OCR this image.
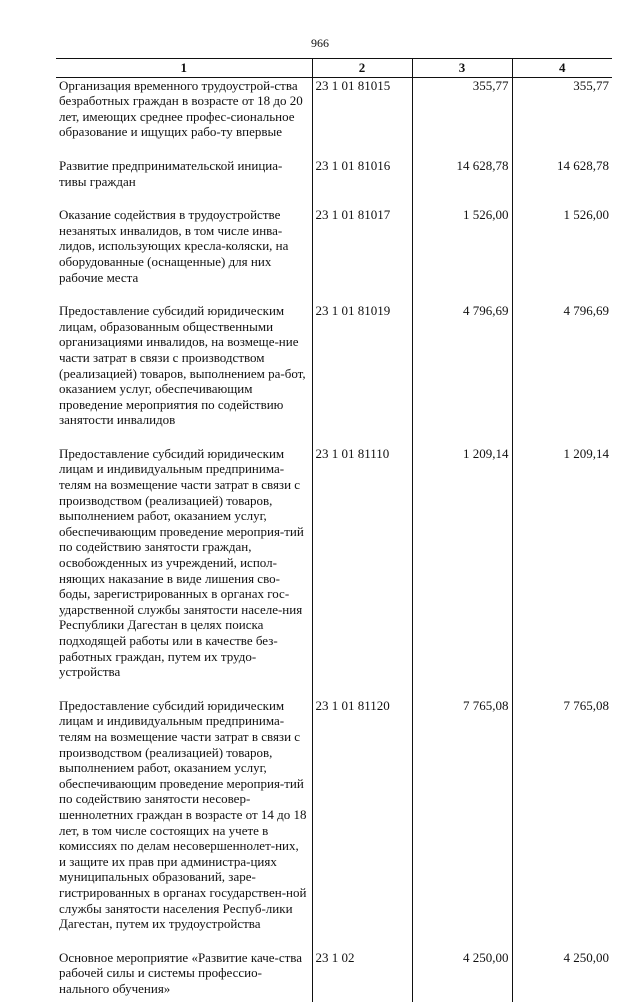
966
1	2	3	4
Организация временного трудоустрой-ства безработных граждан в возрасте от 18 до 20 лет, имеющих среднее профес-сиональное образование и ищущих рабо-ту впервые	23 1 01 81015	355,77	355,77
Развитие предпринимательской инициа-тивы граждан	23 1 01 81016	14 628,78	14 628,78
Оказание содействия в трудоустройстве незанятых инвалидов, в том числе инва-лидов, использующих кресла-коляски, на оборудованные (оснащенные) для них рабочие места	23 1 01 81017	1 526,00	1 526,00
Предоставление субсидий юридическим лицам, образованным общественными организациями инвалидов, на возмеще-ние части затрат в связи с производством (реализацией) товаров, выполнением ра-бот, оказанием услуг, обеспечивающим проведение мероприятия по содействию занятости инвалидов	23 1 01 81019	4 796,69	4 796,69
Предоставление субсидий юридическим лицам и индивидуальным предпринима-телям на возмещение части затрат в связи с производством (реализацией) товаров, выполнением работ, оказанием услуг, обеспечивающим проведение мероприя-тий по содействию занятости граждан, освобожденных из учреждений, испол-няющих наказание в виде лишения сво-боды, зарегистрированных в органах гос-ударственной службы занятости населе-ния Республики Дагестан в целях поиска подходящей работы или в качестве без-работных граждан, путем их трудо-устройства	23 1 01 81110	1 209,14	1 209,14
Предоставление субсидий юридическим лицам и индивидуальным предпринима-телям на возмещение части затрат в связи с производством (реализацией) товаров, выполнением работ, оказанием услуг, обеспечивающим проведение мероприя-тий по содействию занятости несовер-шеннолетних граждан в возрасте от 14 до 18 лет, в том числе состоящих на учете в комиссиях по делам несовершеннолет-них, и защите их прав при администра-циях муниципальных образований, заре-гистрированных в органах государствен-ной службы занятости населения Респуб-лики Дагестан, путем их трудоустройства	23 1 01 81120	7 765,08	7 765,08
Основное мероприятие «Развитие каче-ства рабочей силы и системы профессио-нального обучения»	23 1 02	4 250,00	4 250,00
